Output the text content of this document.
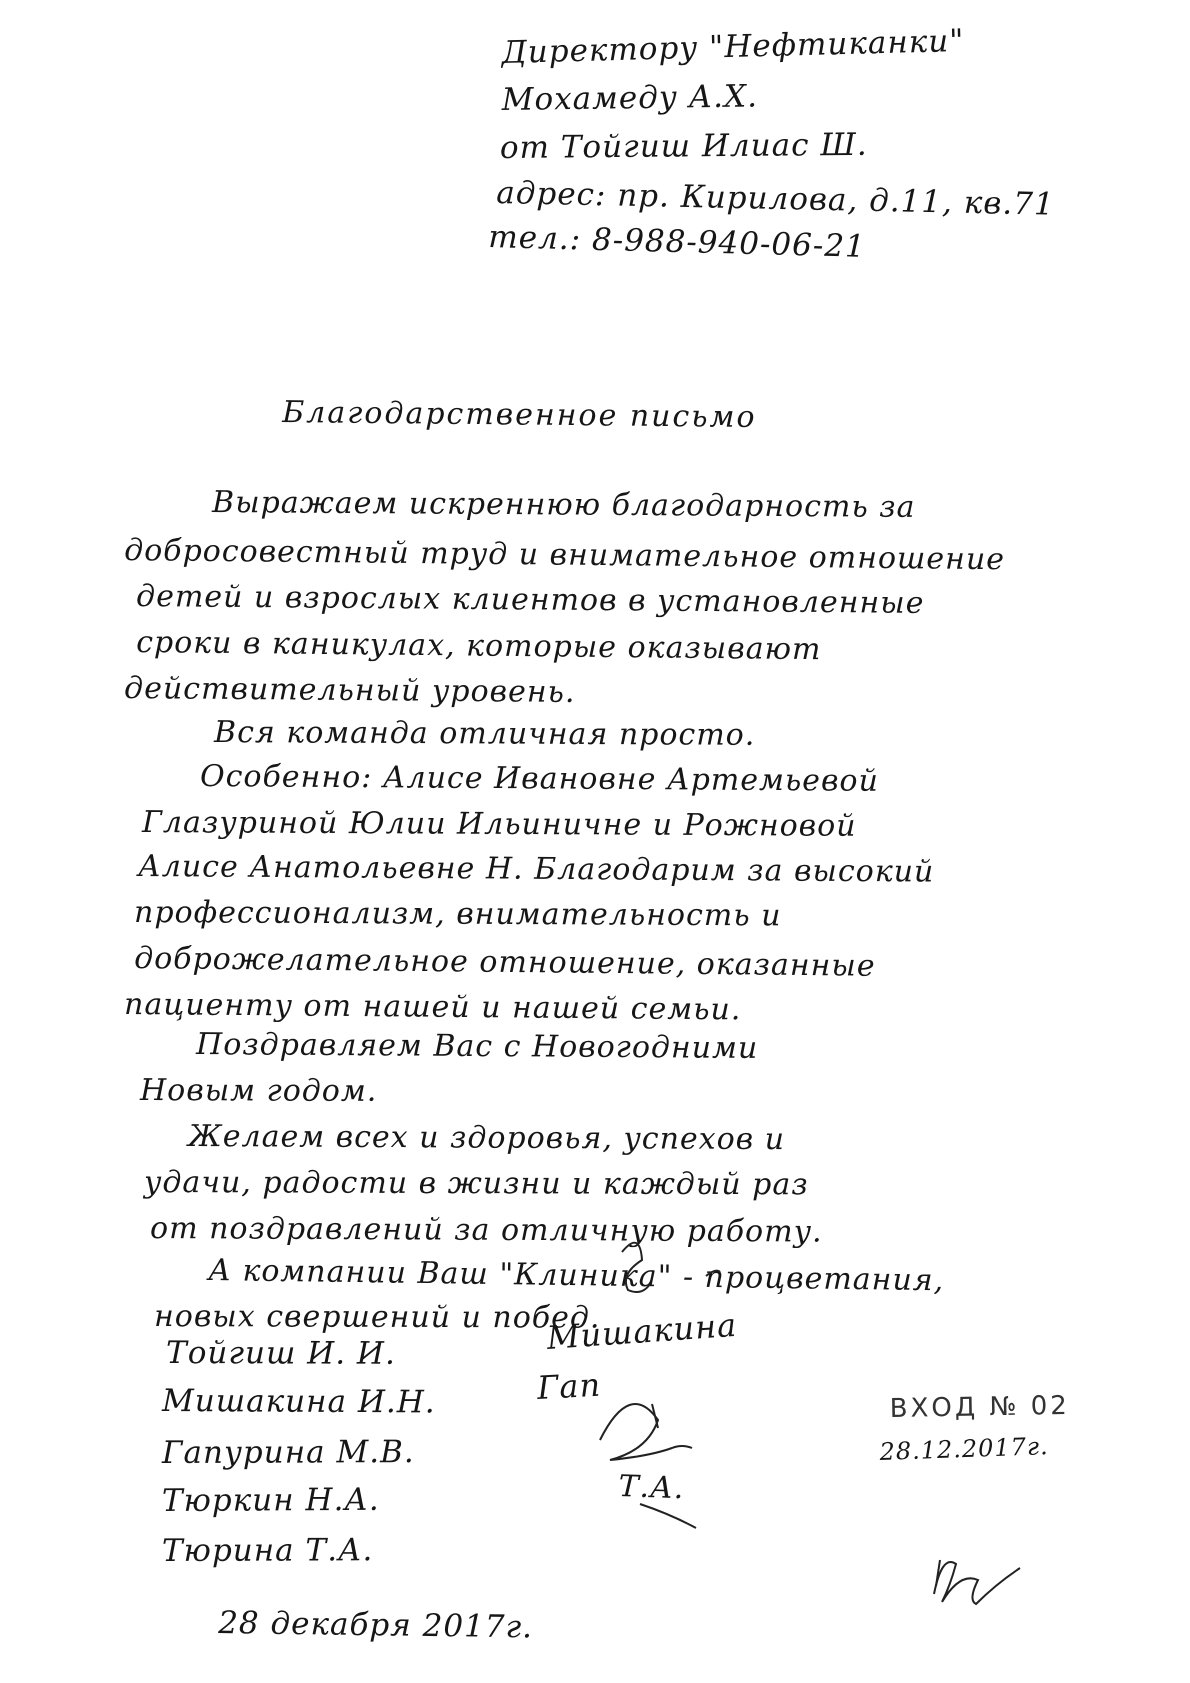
Директору "Нефтиканки"
Мохамеду А.Х.
от Тойгиш Илиас Ш.
адрес: пр. Кирилова, д.11, кв.71
тел.: 8-988-940-06-21
Благодарственное письмо
Выражаем искреннюю благодарность за
добросовестный труд и внимательное отношение
детей и взрослых клиентов в установленные
сроки в каникулах, которые оказывают
действительный уровень.
Вся команда отличная просто.
Особенно: Алисе Ивановне Артемьевой
Глазуриной Юлии Ильиничне и Рожновой
Алисе Анатольевне Н. Благодарим за высокий
профессионализм, внимательность и
доброжелательное отношение, оказанные
пациенту от нашей и нашей семьи.
Поздравляем Вас с Новогодними
Новым годом.
Желаем всех и здоровья, успехов и
удачи, радости в жизни и каждый раз
от поздравлений за отличную работу.
А компании Ваш "Клиника" - процветания,
новых свершений и побед.
Тойгиш И. И.
Мишакина И.Н.
Гапурина М.В.
Тюркин Н.А.
Тюрина Т.А.
Мишакина
Гап
Т.А.
ВХОД № 02
28.12.2017г.
28 декабря 2017г.
